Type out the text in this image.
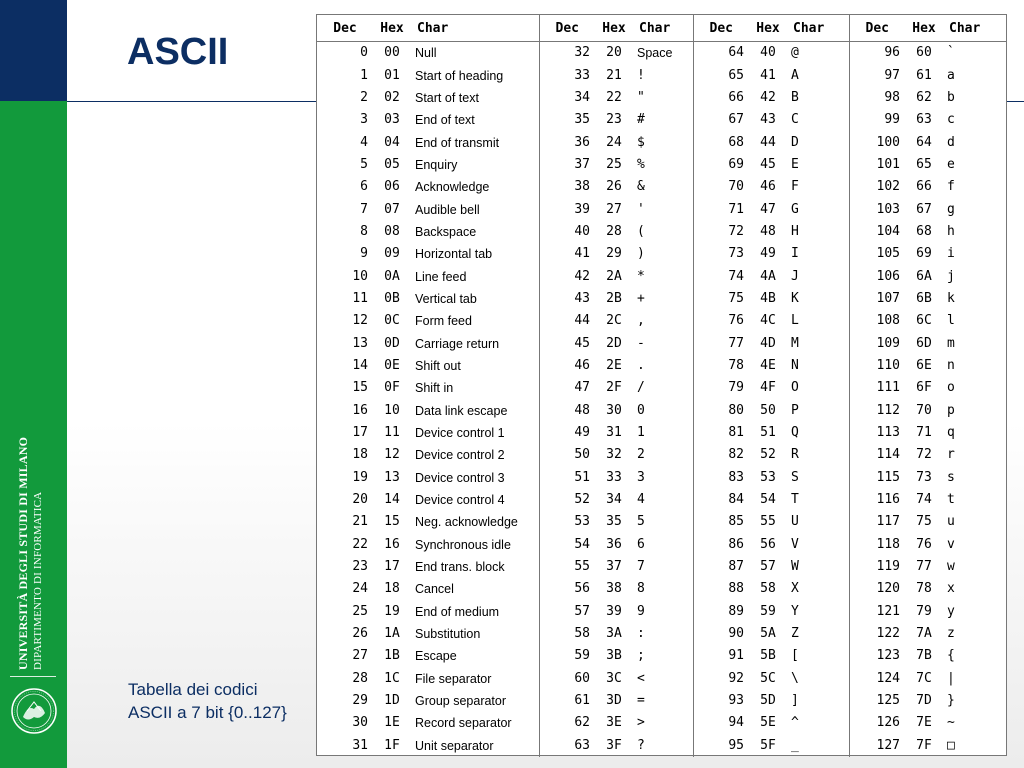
UNIVERSITÀ DEGLI STUDI DI MILANO DIPARTIMENTO DI INFORMATICA
ASCII
Tabella dei codici ASCII a 7 bit {0..127}
Dec	Hex	Char	Dec	Hex	Char	Dec	Hex	Char	Dec	Hex	Char
0	00	Null	32	20	Space	64	40	@	96	60	`
1	01	Start of heading	33	21	!	65	41	A	97	61	a
2	02	Start of text	34	22	"	66	42	B	98	62	b
3	03	End of text	35	23	#	67	43	C	99	63	c
4	04	End of transmit	36	24	$	68	44	D	100	64	d
5	05	Enquiry	37	25	%	69	45	E	101	65	e
6	06	Acknowledge	38	26	&	70	46	F	102	66	f
7	07	Audible bell	39	27	'	71	47	G	103	67	g
8	08	Backspace	40	28	(	72	48	H	104	68	h
9	09	Horizontal tab	41	29	)	73	49	I	105	69	i
10	0A	Line feed	42	2A	*	74	4A	J	106	6A	j
11	0B	Vertical tab	43	2B	+	75	4B	K	107	6B	k
12	0C	Form feed	44	2C	,	76	4C	L	108	6C	l
13	0D	Carriage return	45	2D	-	77	4D	M	109	6D	m
14	0E	Shift out	46	2E	.	78	4E	N	110	6E	n
15	0F	Shift in	47	2F	/	79	4F	O	111	6F	o
16	10	Data link escape	48	30	0	80	50	P	112	70	p
17	11	Device control 1	49	31	1	81	51	Q	113	71	q
18	12	Device control 2	50	32	2	82	52	R	114	72	r
19	13	Device control 3	51	33	3	83	53	S	115	73	s
20	14	Device control 4	52	34	4	84	54	T	116	74	t
21	15	Neg. acknowledge	53	35	5	85	55	U	117	75	u
22	16	Synchronous idle	54	36	6	86	56	V	118	76	v
23	17	End trans. block	55	37	7	87	57	W	119	77	w
24	18	Cancel	56	38	8	88	58	X	120	78	x
25	19	End of medium	57	39	9	89	59	Y	121	79	y
26	1A	Substitution	58	3A	:	90	5A	Z	122	7A	z
27	1B	Escape	59	3B	;	91	5B	[	123	7B	{
28	1C	File separator	60	3C	<	92	5C	\	124	7C	|
29	1D	Group separator	61	3D	=	93	5D	]	125	7D	}
30	1E	Record separator	62	3E	>	94	5E	^	126	7E	~
31	1F	Unit separator	63	3F	?	95	5F	_	127	7F	□
